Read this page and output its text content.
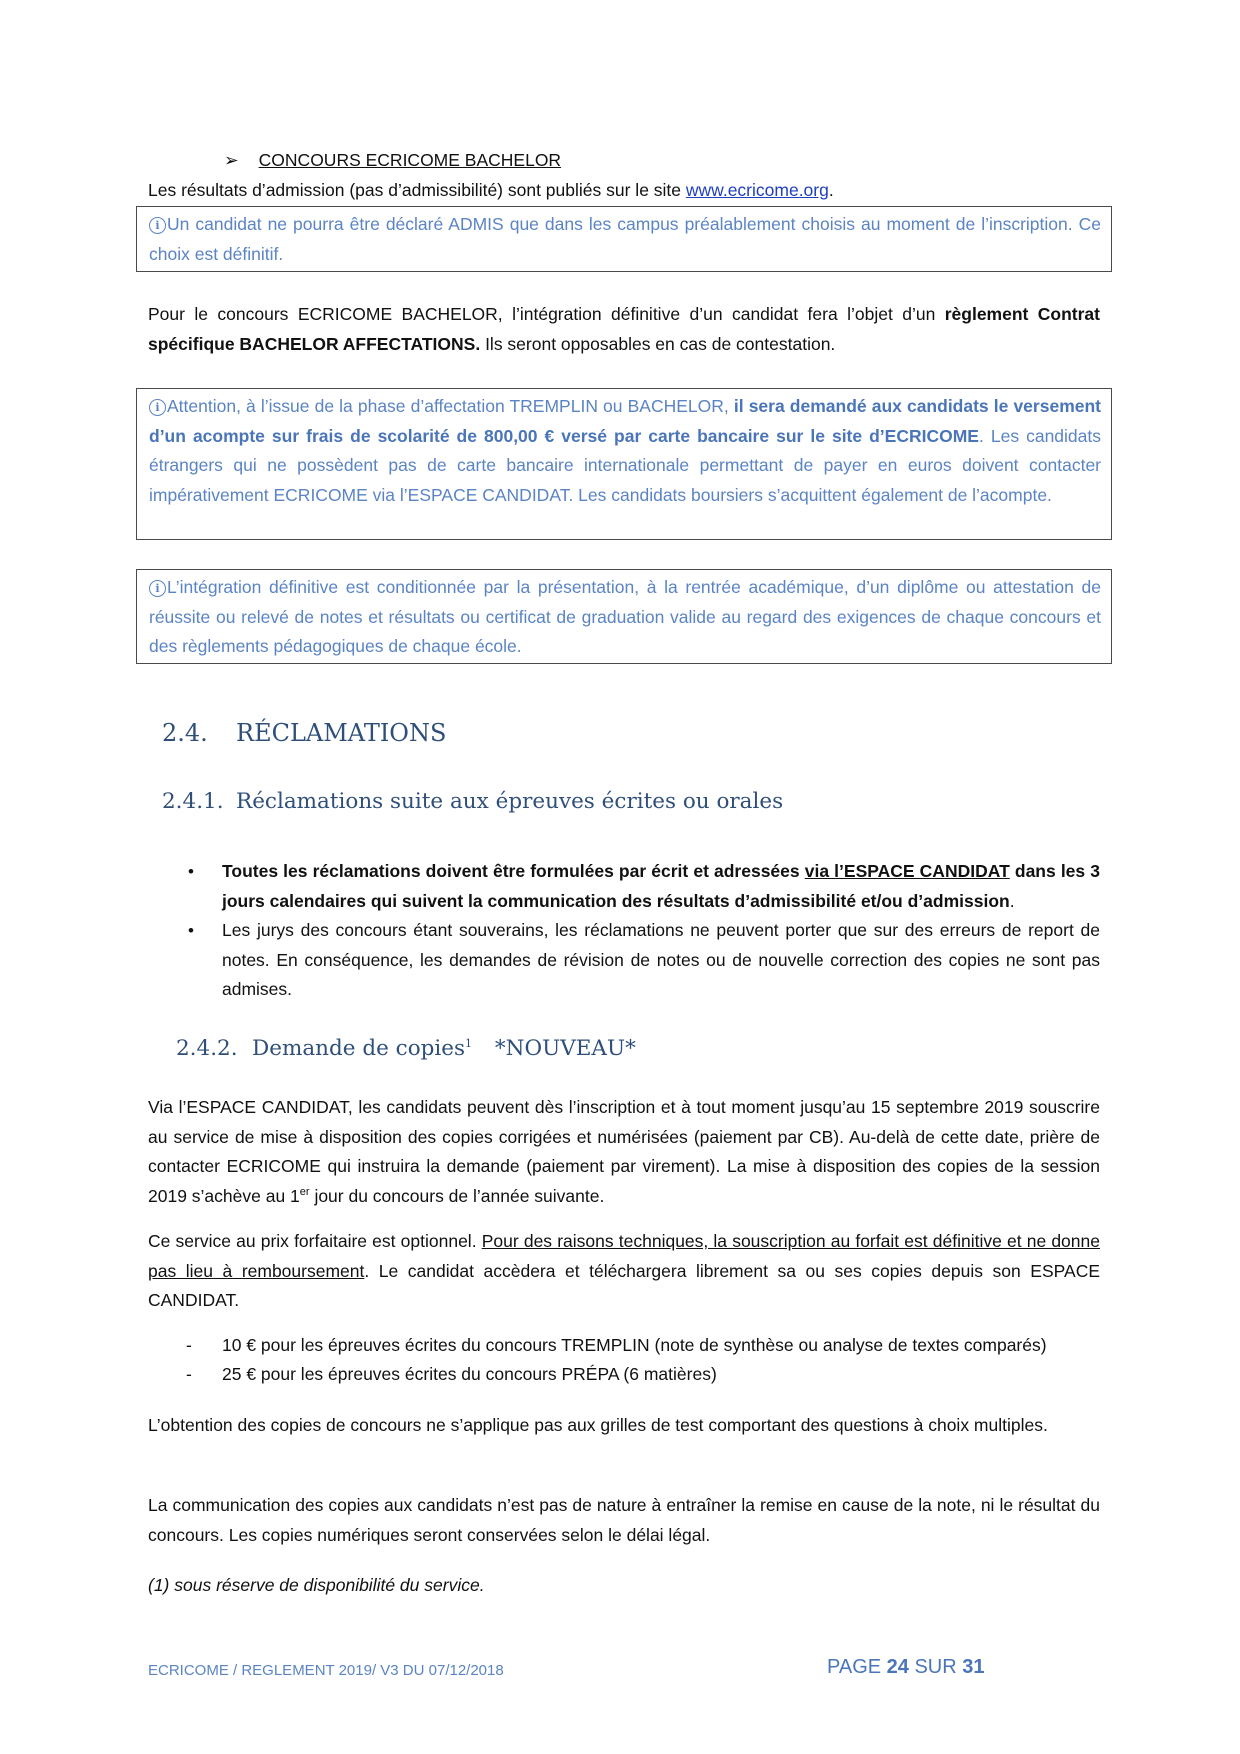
➢ CONCOURS ECRICOME BACHELOR
Les résultats d’admission (pas d’admissibilité) sont publiés sur le site www.ecricome.org.

i Un candidat ne pourra être déclaré ADMIS que dans les campus préalablement choisis au moment de l’inscription. Ce choix est définitif.

Pour le concours ECRICOME BACHELOR, l’intégration définitive d’un candidat fera l’objet d’un règlement Contrat spécifique BACHELOR AFFECTATIONS. Ils seront opposables en cas de contestation.

i Attention, à l’issue de la phase d’affectation TREMPLIN ou BACHELOR, il sera demandé aux candidats le versement d’un acompte sur frais de scolarité de 800,00 € versé par carte bancaire sur le site d’ECRICOME. Les candidats étrangers qui ne possèdent pas de carte bancaire internationale permettant de payer en euros doivent contacter impérativement ECRICOME via l’ESPACE CANDIDAT. Les candidats boursiers s’acquittent également de l’acompte.

i L’intégration définitive est conditionnée par la présentation, à la rentrée académique, d’un diplôme ou attestation de réussite ou relevé de notes et résultats ou certificat de graduation valide au regard des exigences de chaque concours et des règlements pédagogiques de chaque école.

2.4. RÉCLAMATIONS
2.4.1. Réclamations suite aux épreuves écrites ou orales
• Toutes les réclamations doivent être formulées par écrit et adressées via l’ESPACE CANDIDAT dans les 3 jours calendaires qui suivent la communication des résultats d’admissibilité et/ou d’admission.
• Les jurys des concours étant souverains, les réclamations ne peuvent porter que sur des erreurs de report de notes. En conséquence, les demandes de révision de notes ou de nouvelle correction des copies ne sont pas admises.
2.4.2. Demande de copies$^1$ *NOUVEAU*
Via l’ESPACE CANDIDAT, les candidats peuvent dès l’inscription et à tout moment jusqu’au 15 septembre 2019 souscrire au service de mise à disposition des copies corrigées et numérisées (paiement par CB). Au-delà de cette date, prière de contacter ECRICOME qui instruira la demande (paiement par virement). La mise à disposition des copies de la session 2019 s’achève au 1er jour du concours de l’année suivante.
Ce service au prix forfaitaire est optionnel. Pour des raisons techniques, la souscription au forfait est définitive et ne donne pas lieu à remboursement. Le candidat accèdera et téléchargera librement sa ou ses copies depuis son ESPACE CANDIDAT.
- 10 € pour les épreuves écrites du concours TREMPLIN (note de synthèse ou analyse de textes comparés)
- 25 € pour les épreuves écrites du concours PRÉPA (6 matières)
L’obtention des copies de concours ne s’applique pas aux grilles de test comportant des questions à choix multiples.
La communication des copies aux candidats n’est pas de nature à entraîner la remise en cause de la note, ni le résultat du concours. Les copies numériques seront conservées selon le délai légal.
(1) sous réserve de disponibilité du service.
ECRICOME / REGLEMENT 2019/ V3 DU 07/12/2018	PAGE 24 SUR 31
